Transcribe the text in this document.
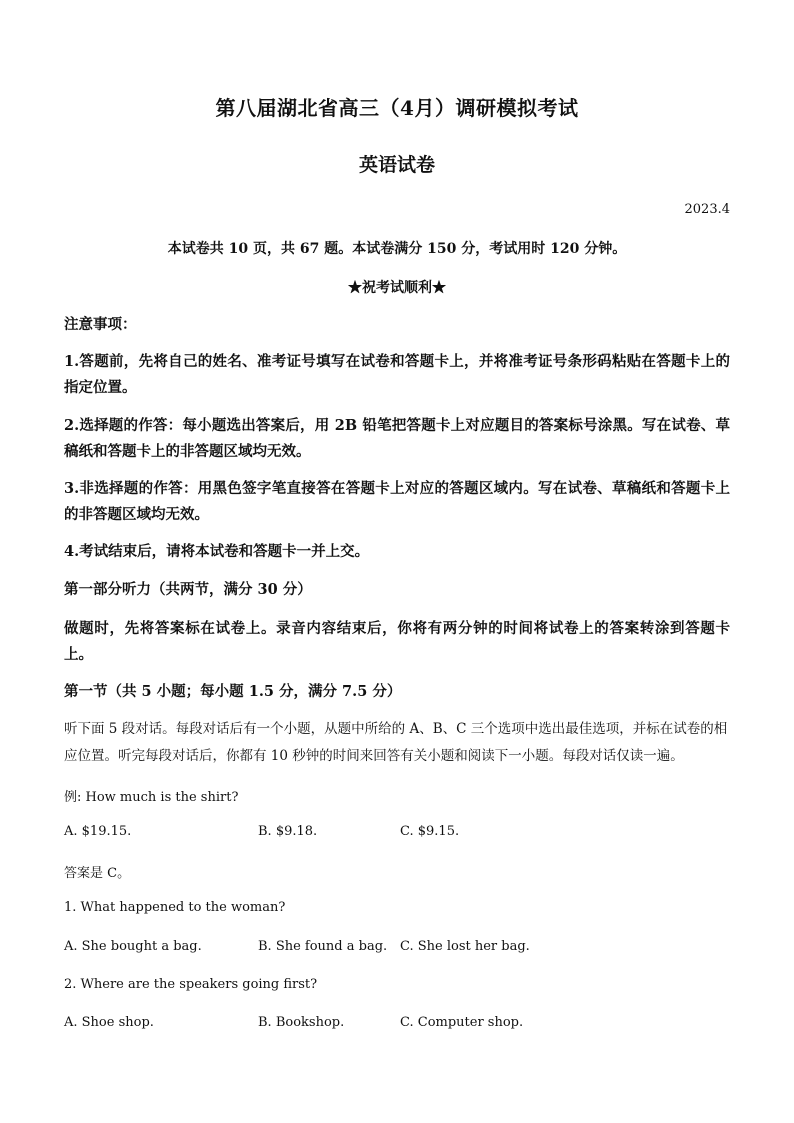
第八届湖北省高三（4月）调研模拟考试
英语试卷
2023.4
本试卷共 10 页，共 67 题。本试卷满分 150 分，考试用时 120 分钟。
★祝考试顺利★
注意事项：
1.答题前，先将自己的姓名、准考证号填写在试卷和答题卡上，并将准考证号条形码粘贴在答题卡上的指定位置。
2.选择题的作答：每小题选出答案后，用 2B 铅笔把答题卡上对应题目的答案标号涂黑。写在试卷、草稿纸和答题卡上的非答题区域均无效。
3.非选择题的作答：用黑色签字笔直接答在答题卡上对应的答题区域内。写在试卷、草稿纸和答题卡上的非答题区域均无效。
4.考试结束后，请将本试卷和答题卡一并上交。
第一部分听力（共两节，满分 30 分）
做题时，先将答案标在试卷上。录音内容结束后，你将有两分钟的时间将试卷上的答案转涂到答题卡上。
第一节（共 5 小题；每小题 1.5 分，满分 7.5 分）
听下面 5 段对话。每段对话后有一个小题，从题中所给的 A、B、C 三个选项中选出最佳选项，并标在试卷的相应位置。听完每段对话后，你都有 10 秒钟的时间来回答有关小题和阅读下一小题。每段对话仅读一遍。
例: How much is the shirt?
A. $19.15.	B. $9.18.	C. $9.15.
答案是 C。
1. What happened to the woman?
A. She bought a bag.	B. She found a bag. C. She lost her bag.
2. Where are the speakers going first?
A. Shoe shop.	B. Bookshop.	C. Computer shop.
